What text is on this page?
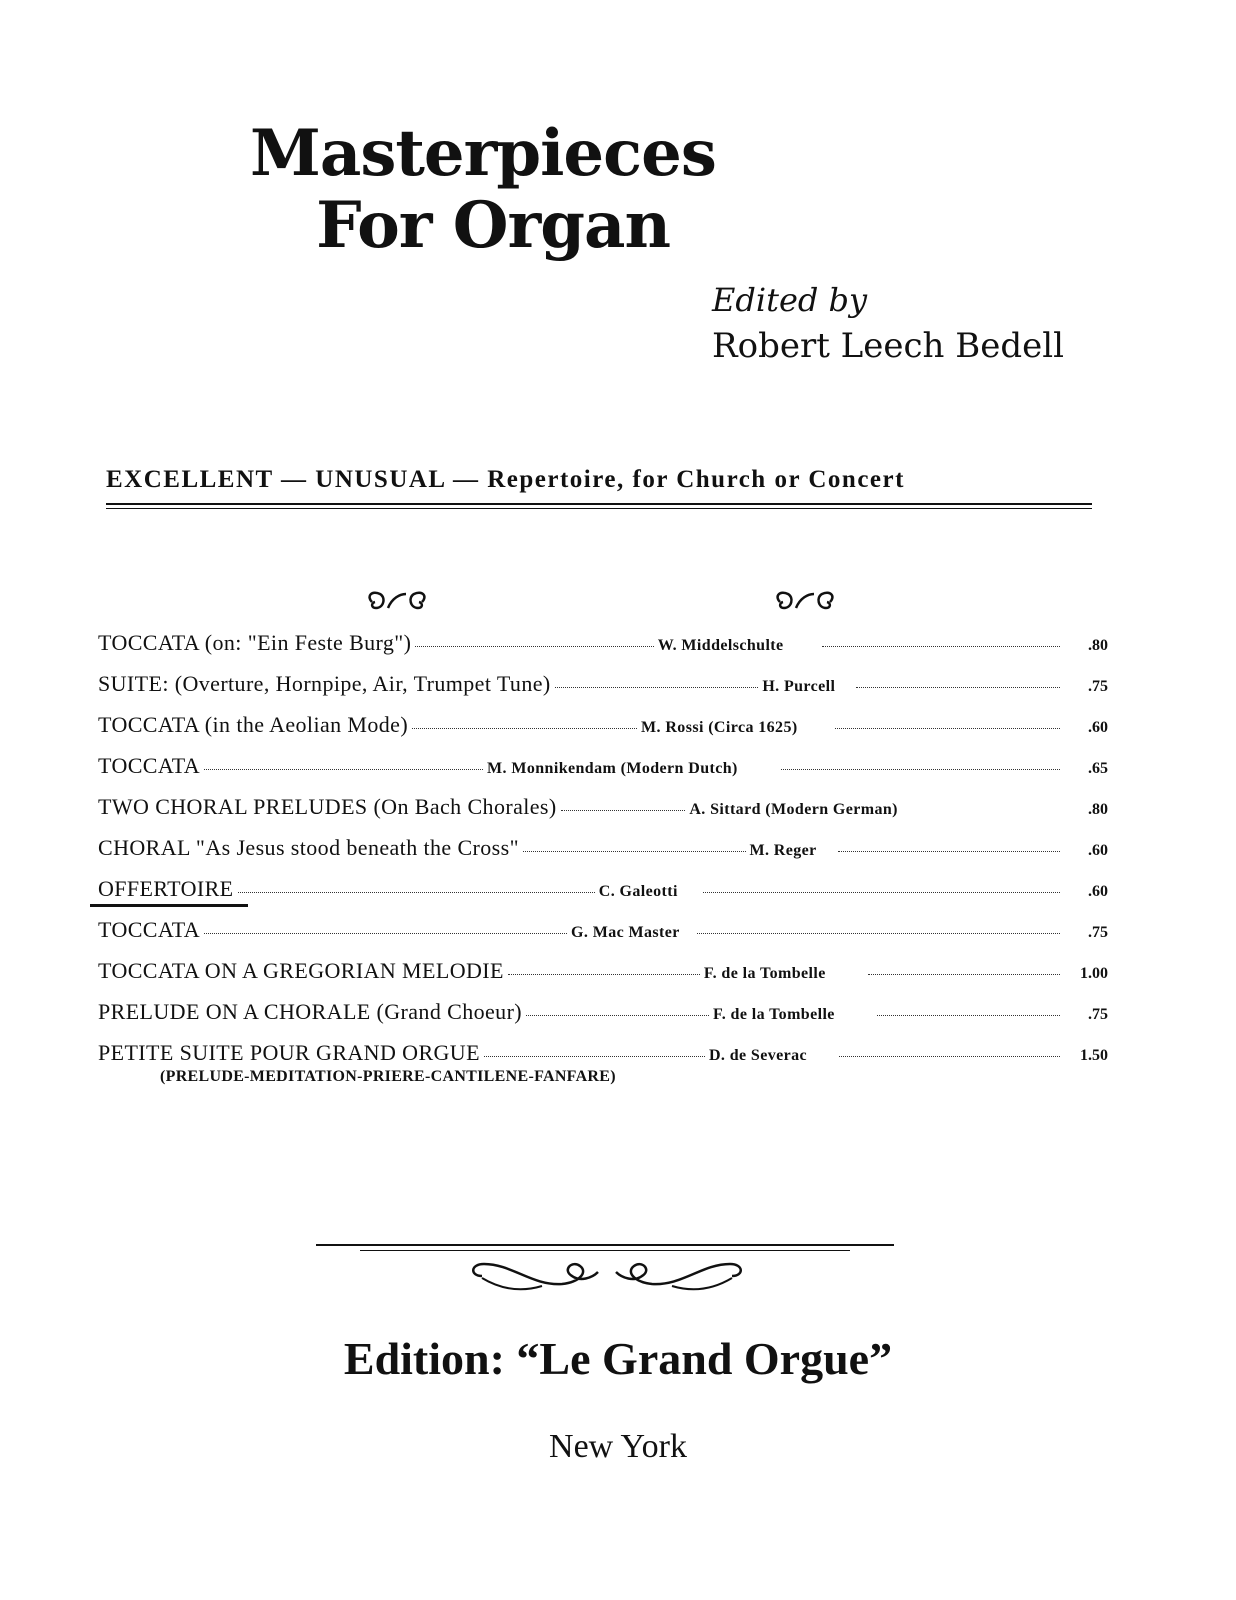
Masterpieces
For Organ
Edited by
Robert Leech Bedell
EXCELLENT — UNUSUAL — Repertoire, for Church or Concert
TOCCATA (on: "Ein Feste Burg")	W. Middelschulte	.80
SUITE: (Overture, Hornpipe, Air, Trumpet Tune)	H. Purcell	.75
TOCCATA (in the Aeolian Mode)	M. Rossi (Circa 1625)	.60
TOCCATA	M. Monnikendam (Modern Dutch)	.65
TWO CHORAL PRELUDES (On Bach Chorales)	A. Sittard (Modern German)	.80
CHORAL "As Jesus stood beneath the Cross"	M. Reger	.60
OFFERTOIRE	C. Galeotti	.60
TOCCATA	G. Mac Master	.75
TOCCATA ON A GREGORIAN MELODIE	F. de la Tombelle	1.00
PRELUDE ON A CHORALE (Grand Choeur)	F. de la Tombelle	.75
PETITE SUITE POUR GRAND ORGUE	D. de Severac	1.50
(PRELUDE-MEDITATION-PRIERE-CANTILENE-FANFARE)
Edition: “Le Grand Orgue”
New York
